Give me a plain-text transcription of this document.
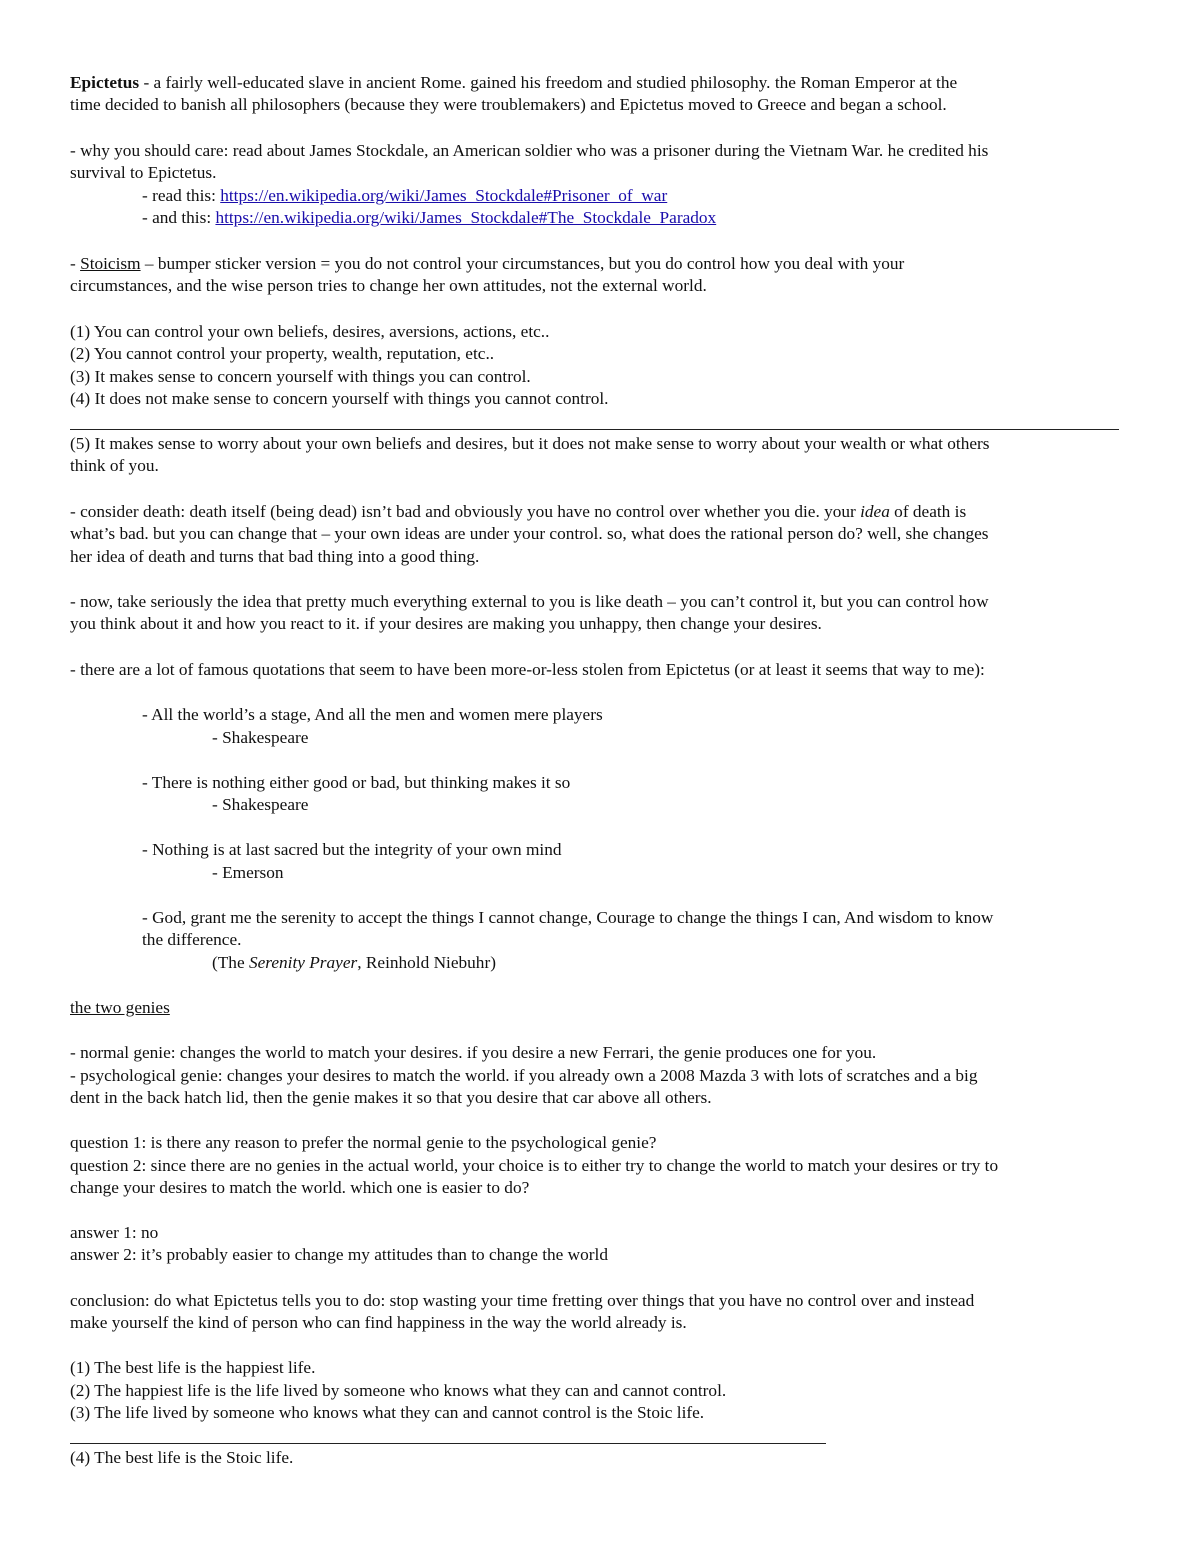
Epictetus - a fairly well-educated slave in ancient Rome. gained his freedom and studied philosophy. the Roman Emperor at the
time decided to banish all philosophers (because they were troublemakers) and Epictetus moved to Greece and began a school.
- why you should care: read about James Stockdale, an American soldier who was a prisoner during the Vietnam War. he credited his
survival to Epictetus.
- read this: https://en.wikipedia.org/wiki/James_Stockdale#Prisoner_of_war
- and this: https://en.wikipedia.org/wiki/James_Stockdale#The_Stockdale_Paradox
- Stoicism – bumper sticker version = you do not control your circumstances, but you do control how you deal with your
circumstances, and the wise person tries to change her own attitudes, not the external world.
(1) You can control your own beliefs, desires, aversions, actions, etc..
(2) You cannot control your property, wealth, reputation, etc..
(3) It makes sense to concern yourself with things you can control.
(4) It does not make sense to concern yourself with things you cannot control.
(5) It makes sense to worry about your own beliefs and desires, but it does not make sense to worry about your wealth or what others
think of you.
- consider death: death itself (being dead) isn’t bad and obviously you have no control over whether you die. your idea of death is
what’s bad. but you can change that – your own ideas are under your control. so, what does the rational person do? well, she changes
her idea of death and turns that bad thing into a good thing.
- now, take seriously the idea that pretty much everything external to you is like death – you can’t control it, but you can control how
you think about it and how you react to it. if your desires are making you unhappy, then change your desires.
- there are a lot of famous quotations that seem to have been more-or-less stolen from Epictetus (or at least it seems that way to me):
- All the world’s a stage, And all the men and women mere players
- Shakespeare
- There is nothing either good or bad, but thinking makes it so
- Shakespeare
- Nothing is at last sacred but the integrity of your own mind
- Emerson
- God, grant me the serenity to accept the things I cannot change, Courage to change the things I can, And wisdom to know
the difference.
(The Serenity Prayer, Reinhold Niebuhr)
the two genies
- normal genie: changes the world to match your desires. if you desire a new Ferrari, the genie produces one for you.
- psychological genie: changes your desires to match the world. if you already own a 2008 Mazda 3 with lots of scratches and a big
dent in the back hatch lid, then the genie makes it so that you desire that car above all others.
question 1: is there any reason to prefer the normal genie to the psychological genie?
question 2: since there are no genies in the actual world, your choice is to either try to change the world to match your desires or try to
change your desires to match the world. which one is easier to do?
answer 1: no
answer 2: it’s probably easier to change my attitudes than to change the world
conclusion: do what Epictetus tells you to do: stop wasting your time fretting over things that you have no control over and instead
make yourself the kind of person who can find happiness in the way the world already is.
(1) The best life is the happiest life.
(2) The happiest life is the life lived by someone who knows what they can and cannot control.
(3) The life lived by someone who knows what they can and cannot control is the Stoic life.
(4) The best life is the Stoic life.
